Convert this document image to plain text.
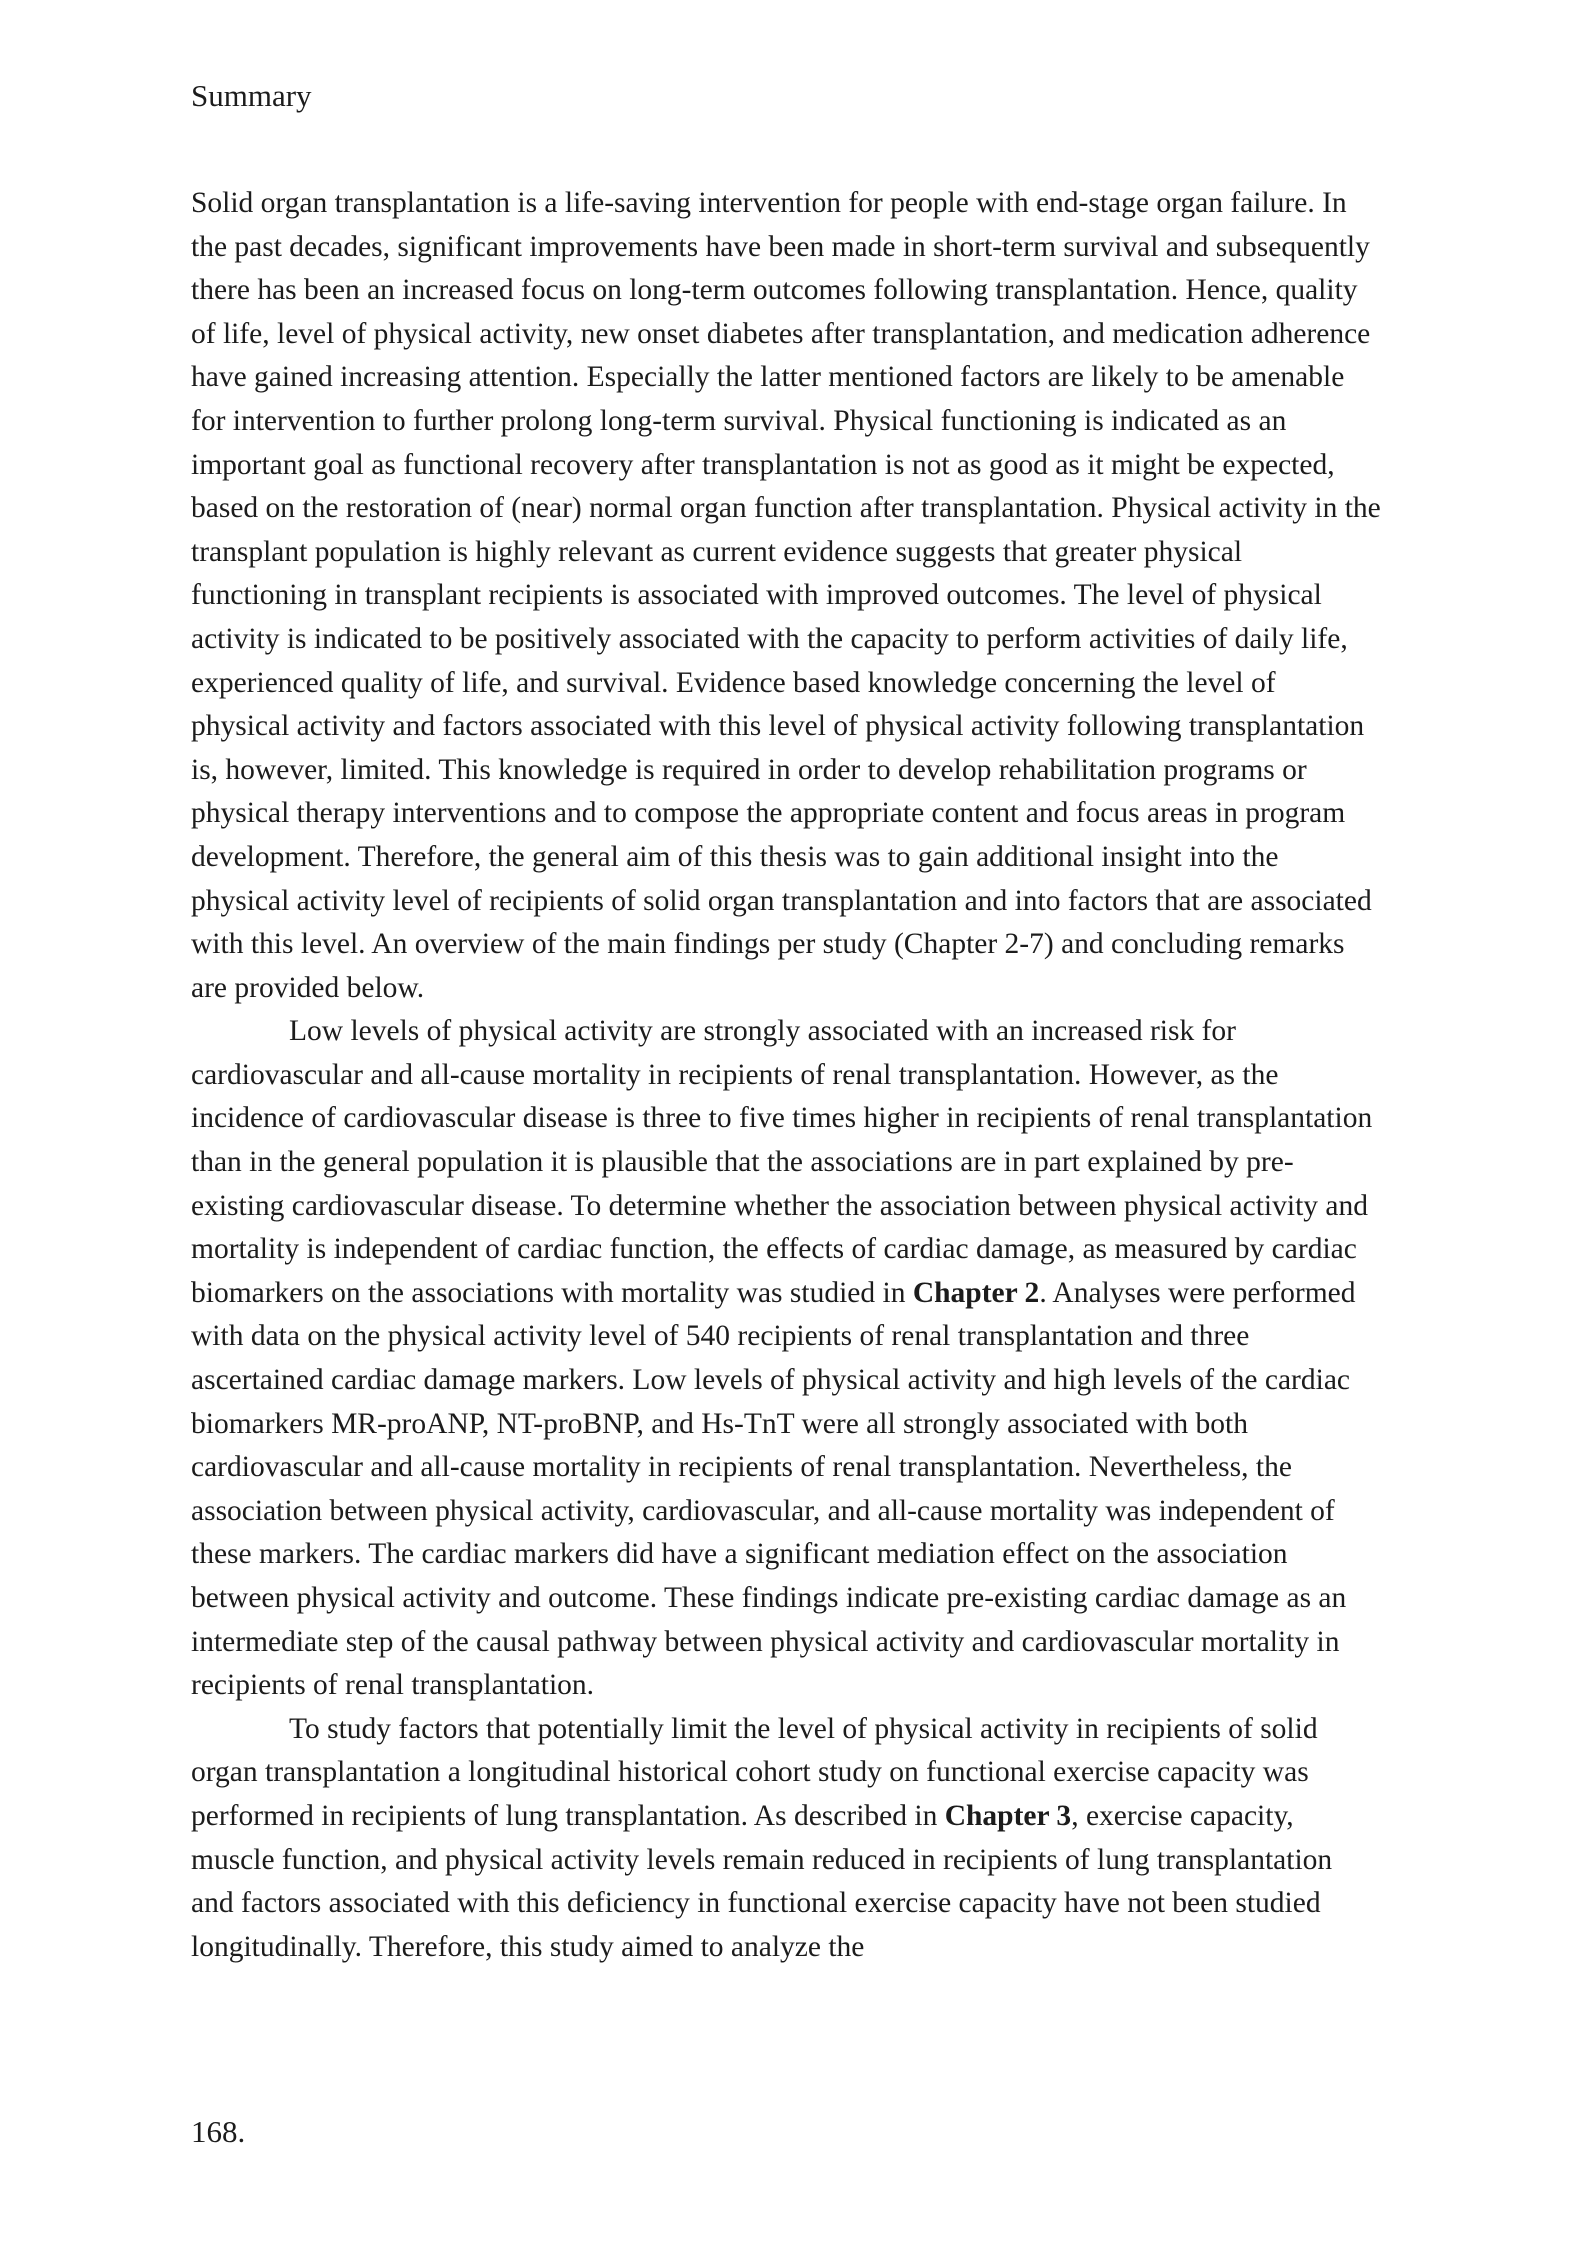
Summary

Solid organ transplantation is a life-saving intervention for people with end-stage organ failure. In the past decades, significant improvements have been made in short-term survival and subsequently there has been an increased focus on long-term outcomes following transplantation. Hence, quality of life, level of physical activity, new onset diabetes after transplantation, and medication adherence have gained increasing attention. Especially the latter mentioned factors are likely to be amenable for intervention to further prolong long-term survival. Physical functioning is indicated as an important goal as functional recovery after transplantation is not as good as it might be expected, based on the restoration of (near) normal organ function after transplantation. Physical activity in the transplant population is highly relevant as current evidence suggests that greater physical functioning in transplant recipients is associated with improved outcomes. The level of physical activity is indicated to be positively associated with the capacity to perform activities of daily life, experienced quality of life, and survival. Evidence based knowledge concerning the level of physical activity and factors associated with this level of physical activity following transplantation is, however, limited. This knowledge is required in order to develop rehabilitation programs or physical therapy interventions and to compose the appropriate content and focus areas in program development. Therefore, the general aim of this thesis was to gain additional insight into the physical activity level of recipients of solid organ transplantation and into factors that are associated with this level. An overview of the main findings per study (Chapter 2-7) and concluding remarks are provided below.

Low levels of physical activity are strongly associated with an increased risk for cardiovascular and all-cause mortality in recipients of renal transplantation. However, as the incidence of cardiovascular disease is three to five times higher in recipients of renal transplantation than in the general population it is plausible that the associations are in part explained by pre-existing cardiovascular disease. To determine whether the association between physical activity and mortality is independent of cardiac function, the effects of cardiac damage, as measured by cardiac biomarkers on the associations with mortality was studied in Chapter 2. Analyses were performed with data on the physical activity level of 540 recipients of renal transplantation and three ascertained cardiac damage markers. Low levels of physical activity and high levels of the cardiac biomarkers MR-proANP, NT-proBNP, and Hs-TnT were all strongly associated with both cardiovascular and all-cause mortality in recipients of renal transplantation. Nevertheless, the association between physical activity, cardiovascular, and all-cause mortality was independent of these markers. The cardiac markers did have a significant mediation effect on the association between physical activity and outcome. These findings indicate pre-existing cardiac damage as an intermediate step of the causal pathway between physical activity and cardiovascular mortality in recipients of renal transplantation.

To study factors that potentially limit the level of physical activity in recipients of solid organ transplantation a longitudinal historical cohort study on functional exercise capacity was performed in recipients of lung transplantation. As described in Chapter 3, exercise capacity, muscle function, and physical activity levels remain reduced in recipients of lung transplantation and factors associated with this deficiency in functional exercise capacity have not been studied longitudinally. Therefore, this study aimed to analyze the

168.
